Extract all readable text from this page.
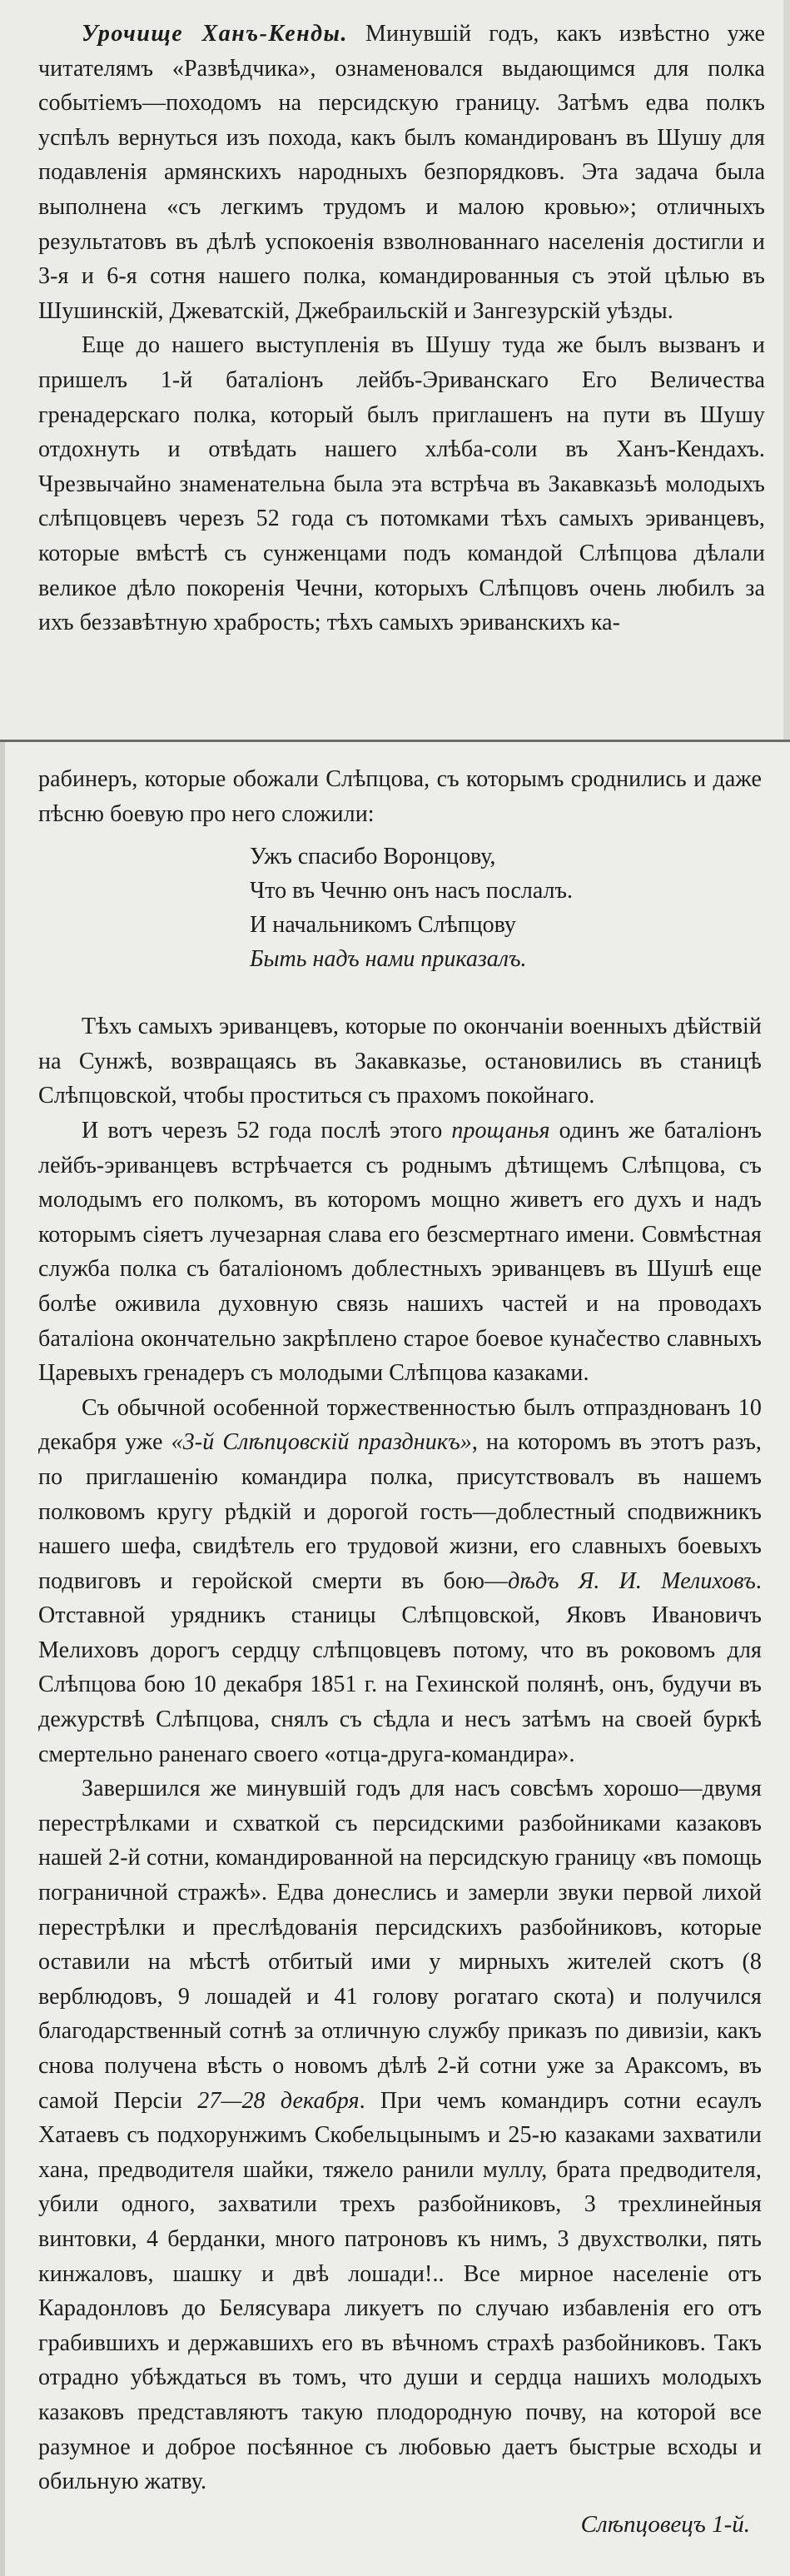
Урочище Ханъ-Кенды. Минувшій годъ, какъ извѣстно уже читателямъ «Развѣдчика», ознаменовался выдающимся для полка событіемъ—походомъ на персидскую границу. Затѣмъ едва полкъ успѣлъ вернуться изъ похода, какъ былъ командированъ въ Шушу для подавленія армянскихъ народныхъ безпорядковъ. Эта задача была выполнена «съ легкимъ трудомъ и малою кровью»; отличныхъ результатовъ въ дѣлѣ успокоенія взволнованнаго населенія достигли и 3-я и 6-я сотня нашего полка, командированныя съ этой цѣлью въ Шушинскій, Джеватскій, Джебраильскій и Зангезурскій уѣзды.

Еще до нашего выступленія въ Шушу туда же былъ вызванъ и пришелъ 1-й баталіонъ лейбъ-Эриванскаго Его Величества гренадерскаго полка, который былъ приглашенъ на пути въ Шушу отдохнуть и отвѣдать нашего хлѣба-соли въ Ханъ-Кендахъ. Чрезвычайно знаменательна была эта встрѣча въ Закавказьѣ молодыхъ слѣпцовцевъ черезъ 52 года съ потомками тѣхъ самыхъ эриванцевъ, которые вмѣстѣ съ сунженцами подъ командой Слѣпцова дѣлали великое дѣло покоренія Чечни, которыхъ Слѣпцовъ очень любилъ за ихъ беззавѣтную храбрость; тѣхъ самыхъ эриванскихъ ка-

рабинеръ, которые обожали Слѣпцова, съ которымъ сроднились и даже пѣсню боевую про него сложили:

Ужъ спасибо Воронцову,
Что въ Чечню онъ насъ послалъ.
И начальникомъ Слѣпцову
Быть надъ нами приказалъ.

Тѣхъ самыхъ эриванцевъ, которые по окончаніи военныхъ дѣйствій на Сунжѣ, возвращаясь въ Закавказье, остановились въ станицѣ Слѣпцовской, чтобы проститься съ прахомъ покойнаго.

И вотъ черезъ 52 года послѣ этого прощанья одинъ же баталіонъ лейбъ-эриванцевъ встрѣчается съ роднымъ дѣтищемъ Слѣпцова, съ молодымъ его полкомъ, въ которомъ мощно живетъ его духъ и надъ которымъ сіяетъ лучезарная слава его безсмертнаго имени. Совмѣстная служба полка съ баталіономъ доблестныхъ эриванцевъ въ Шушѣ еще болѣе оживила духовную связь нашихъ частей и на проводахъ баталіона окончательно закрѣплено старое боевое кунačество славныхъ Царевыхъ гренадеръ съ молодыми Слѣпцова казаками.

Съ обычной особенной торжественностью былъ отпразднованъ 10 декабря уже «3-й Слѣпцовскій праздникъ», на которомъ въ этотъ разъ, по приглашенію командира полка, присутствовалъ въ нашемъ полковомъ кругу рѣдкій и дорогой гость—доблестный сподвижникъ нашего шефа, свидѣтель его трудовой жизни, его славныхъ боевыхъ подвиговъ и геройской смерти въ бою—дѣдъ Я. И. Мелиховъ. Отставной урядникъ станицы Слѣпцовской, Яковъ Ивановичъ Мелиховъ дорогъ сердцу слѣпцовцевъ потому, что въ роковомъ для Слѣпцова бою 10 декабря 1851 г. на Гехинской полянѣ, онъ, будучи въ дежурствѣ Слѣпцова, снялъ съ сѣдла и несъ затѣмъ на своей буркѣ смертельно раненаго своего «отца-друга-командира».

Завершился же минувшій годъ для насъ совсѣмъ хорошо—двумя перестрѣлками и схваткой съ персидскими разбойниками казаковъ нашей 2-й сотни, командированной на персидскую границу «въ помощь пограничной стражѣ». Едва донеслись и замерли звуки первой лихой перестрѣлки и преслѣдованія персидскихъ разбойниковъ, которые оставили на мѣстѣ отбитый ими у мирныхъ жителей скотъ (8 верблюдовъ, 9 лошадей и 41 голову рогатаго скота) и получился благодарственный сотнѣ за отличную службу приказъ по дивизіи, какъ снова получена вѣсть о новомъ дѣлѣ 2-й сотни уже за Араксомъ, въ самой Персіи 27—28 декабря. При чемъ командиръ сотни есаулъ Хатаевъ съ подхорунжимъ Скобельцынымъ и 25-ю казаками захватили хана, предводителя шайки, тяжело ранили муллу, брата предводителя, убили одного, захватили трехъ разбойниковъ, 3 трехлинейныя винтовки, 4 берданки, много патроновъ къ нимъ, 3 двухстволки, пять кинжаловъ, шашку и двѣ лошади!.. Все мирное населеніе отъ Карадонловъ до Белясувара ликуетъ по случаю избавленія его отъ грабившихъ и державшихъ его въ вѣчномъ страхѣ разбойниковъ. Такъ отрадно убѣждаться въ томъ, что души и сердца нашихъ молодыхъ казаковъ представляютъ такую плодородную почву, на которой все разумное и доброе посѣянное съ любовью даетъ быстрые всходы и обильную жатву.

Слѣпцовецъ 1-й.
